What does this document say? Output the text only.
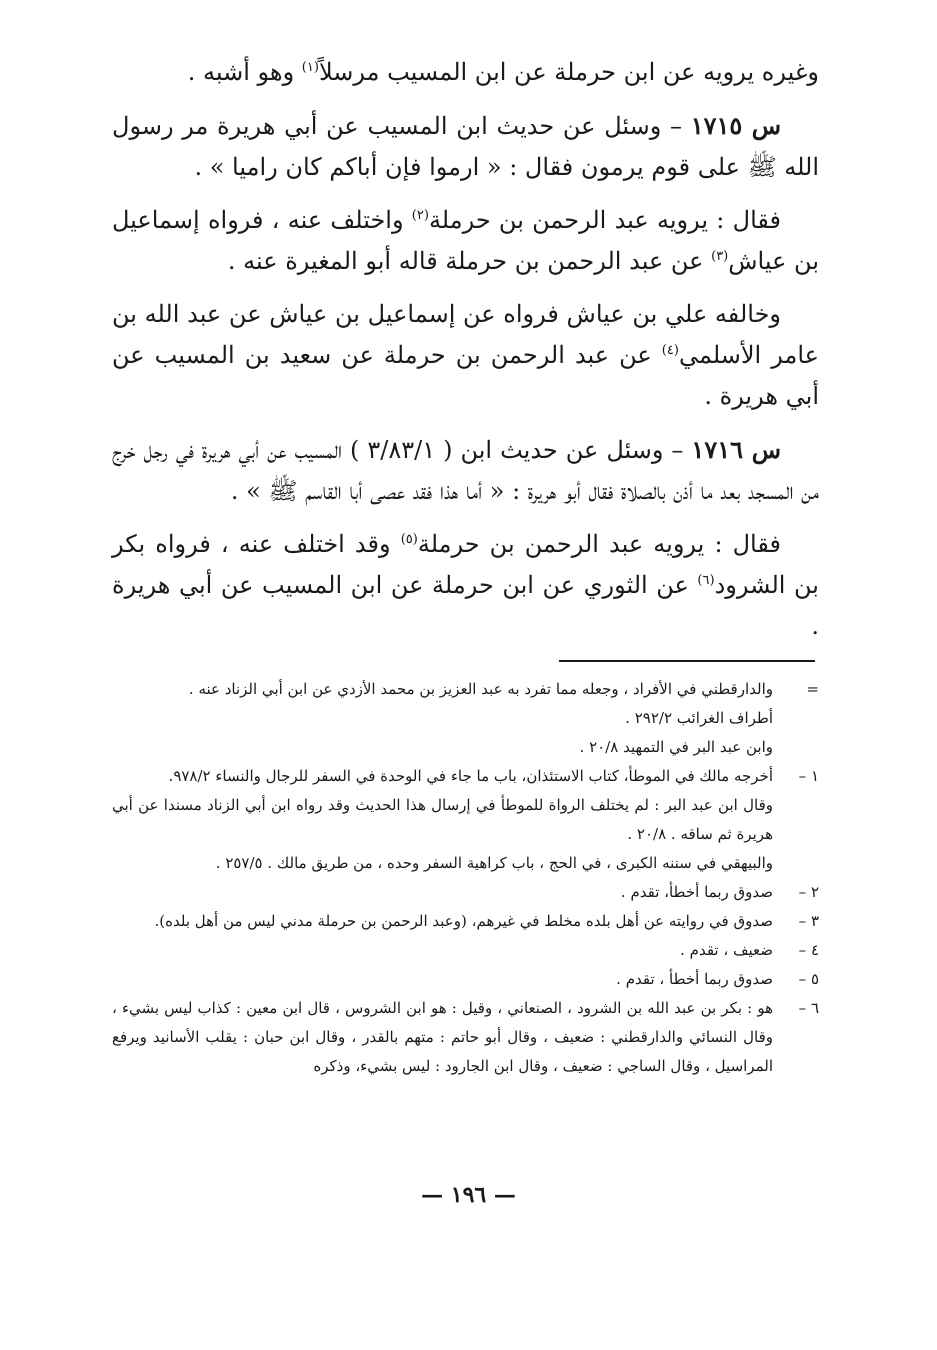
وغيره يرويه عن ابن حرملة عن ابن المسيب مرسلاً$^{(١)}$ وهو أشبه .

س ١٧١٥ – وسئل عن حديث ابن المسيب عن أبي هريرة مر رسول الله ﷺ على قوم يرمون فقال : « ارموا فإن أباكم كان راميا » .

فقال : يرويه عبد الرحمن بن حرملة$^{(٢)}$ واختلف عنه ، فرواه إسماعيل بن عياش$^{(٣)}$ عن عبد الرحمن بن حرملة قاله أبو المغيرة عنه .

وخالفه علي بن عياش فرواه عن إسماعيل بن عياش عن عبد الله بن عامر الأسلمي$^{(٤)}$ عن عبد الرحمن بن حرملة عن سعيد بن المسيب عن أبي هريرة .

س ١٧١٦ – وسئل عن حديث ابن ( ٣/٨٣/١ ) المسيب عن أبي هريرة في رجل خرج من المسجد بعد ما أذن بالصلاة فقال أبو هريرة : « أما هذا فقد عصى أبا القاسم ﷺ » .

فقال : يرويه عبد الرحمن بن حرملة$^{(٥)}$ وقد اختلف عنه ، فرواه بكر بن الشرود$^{(٦)}$ عن الثوري عن ابن حرملة عن ابن المسيب عن أبي هريرة .

=
والدارقطني في الأفراد ، وجعله مما تفرد به عبد العزيز بن محمد الأزدي عن ابن أبي الزناد عنه .
أطراف الغرائب ٢٩٢/٢ .
وابن عبد البر في التمهيد ٢٠/٨ .
١ –
أخرجه مالك في الموطأ، كتاب الاستئذان، باب ما جاء في الوحدة في السفر للرجال والنساء ٩٧٨/٢.
وقال ابن عبد البر : لم يختلف الرواة للموطأ في إرسال هذا الحديث وقد رواه ابن أبي الزناد مسندا عن أبي هريرة ثم ساقه . ٢٠/٨ .
والبيهقي في سننه الكبرى ، في الحج ، باب كراهية السفر وحده ، من طريق مالك . ٢٥٧/٥ .
٢ –
صدوق ربما أخطأ، تقدم .
٣ –
صدوق في روايته عن أهل بلده مخلط في غيرهم، (وعبد الرحمن بن حرملة مدني ليس من أهل بلده).
٤ –
ضعيف ، تقدم .
٥ –
صدوق ربما أخطأ ، تقدم .
٦ –
هو : بكر بن عبد الله بن الشرود ، الصنعاني ، وقيل : هو ابن الشروس ، قال ابن معين : كذاب ليس بشيء ، وقال النسائي والدارقطني : ضعيف ، وقال أبو حاتم : متهم بالقدر ، وقال ابن حبان : يقلب الأسانيد ويرفع المراسيل ، وقال الساجي : ضعيف ، وقال ابن الجارود : ليس بشيء، وذكره
— ١٩٦ —
